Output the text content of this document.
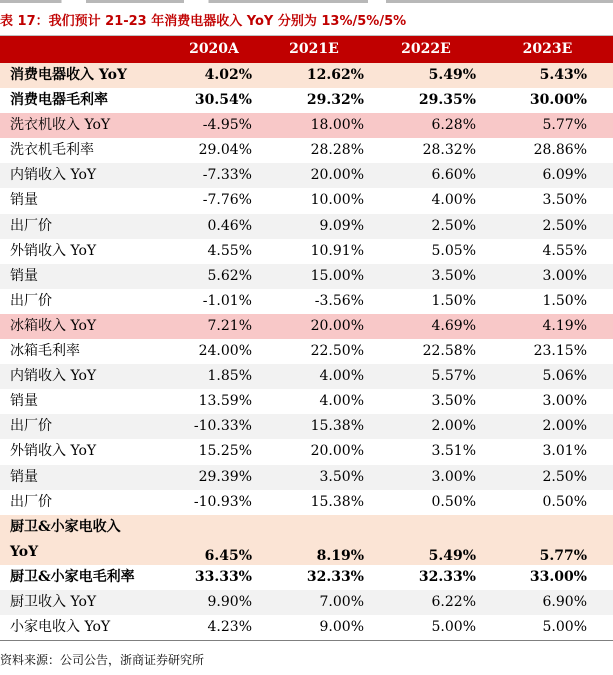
表 17：我们预计 21-23 年消费电器收入 YoY 分别为 13%/5%/5%
2020A	2021E	2022E	2023E
消费电器收入 YoY	4.02%	12.62%	5.49%	5.43%
消费电器毛利率	30.54%	29.32%	29.35%	30.00%
洗衣机收入 YoY	-4.95%	18.00%	6.28%	5.77%
洗衣机毛利率	29.04%	28.28%	28.32%	28.86%
内销收入 YoY	-7.33%	20.00%	6.60%	6.09%
销量	-7.76%	10.00%	4.00%	3.50%
出厂价	0.46%	9.09%	2.50%	2.50%
外销收入 YoY	4.55%	10.91%	5.05%	4.55%
销量	5.62%	15.00%	3.50%	3.00%
出厂价	-1.01%	-3.56%	1.50%	1.50%
冰箱收入 YoY	7.21%	20.00%	4.69%	4.19%
冰箱毛利率	24.00%	22.50%	22.58%	23.15%
内销收入 YoY	1.85%	4.00%	5.57%	5.06%
销量	13.59%	4.00%	3.50%	3.00%
出厂价	-10.33%	15.38%	2.00%	2.00%
外销收入 YoY	15.25%	20.00%	3.51%	3.01%
销量	29.39%	3.50%	3.00%	2.50%
出厂价	-10.93%	15.38%	0.50%	0.50%
厨卫&小家电收入
YoY	6.45%	8.19%	5.49%	5.77%
厨卫&小家电毛利率	33.33%	32.33%	32.33%	33.00%
厨卫收入 YoY	9.90%	7.00%	6.22%	6.90%
小家电收入 YoY	4.23%	9.00%	5.00%	5.00%
资料来源：公司公告，浙商证券研究所
